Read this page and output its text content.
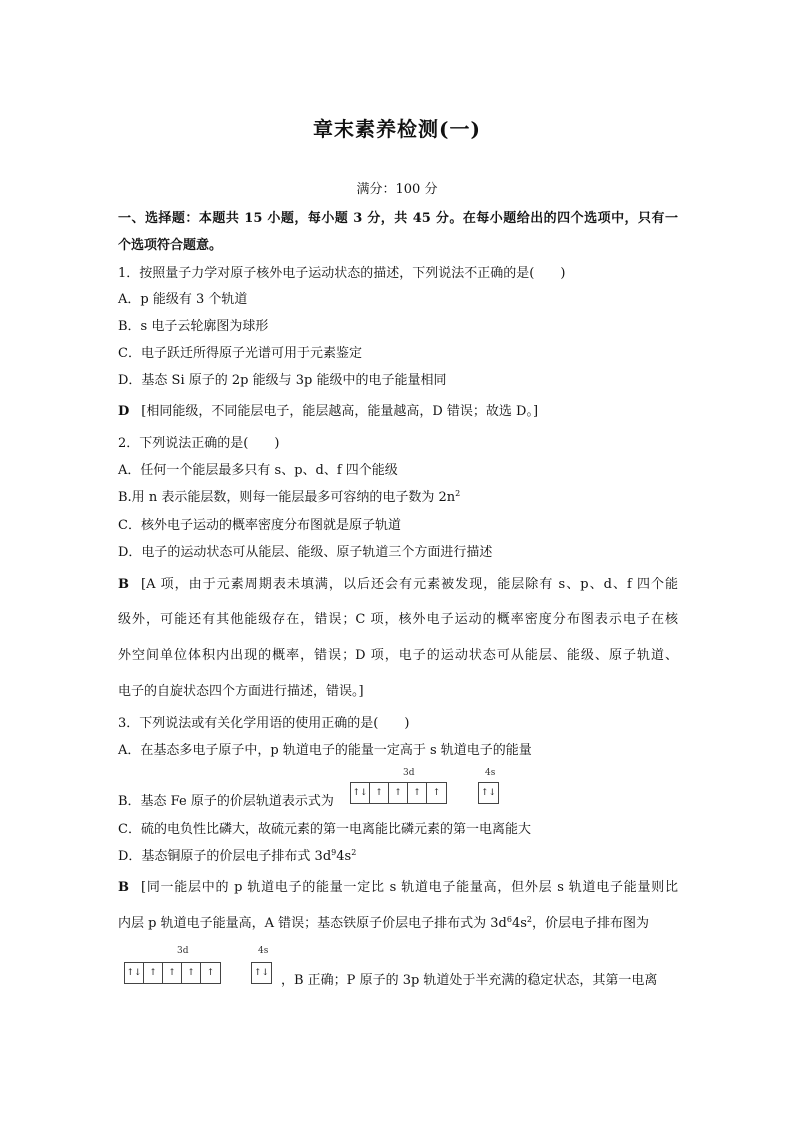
章末素养检测(一)
满分：100 分
一、选择题：本题共 15 小题，每小题 3 分，共 45 分。在每小题给出的四个选项中，只有一
个选项符合题意。
1．按照量子力学对原子核外电子运动状态的描述，下列说法不正确的是(　　)
A．p 能级有 3 个轨道
B．s 电子云轮廓图为球形
C．电子跃迁所得原子光谱可用于元素鉴定
D．基态 Si 原子的 2p 能级与 3p 能级中的电子能量相同
D [相同能级，不同能层电子，能层越高，能量越高，D 错误；故选 D。]
2．下列说法正确的是(　　)
A．任何一个能层最多只有 s、p、d、f 四个能级
B.用 n 表示能层数，则每一能层最多可容纳的电子数为 $2n^2$
C．核外电子运动的概率密度分布图就是原子轨道
D．电子的运动状态可从能层、能级、原子轨道三个方面进行描述
B [A 项，由于元素周期表未填满，以后还会有元素被发现，能层除有 s、p、d、f 四个能
级外，可能还有其他能级存在，错误；C 项，核外电子运动的概率密度分布图表示电子在核
外空间单位体积内出现的概率，错误；D 项，电子的运动状态可从能层、能级、原子轨道、
电子的自旋状态四个方面进行描述，错误。]
3．下列说法或有关化学用语的使用正确的是(　　)
A．在基态多电子原子中，p 轨道电子的能量一定高于 s 轨道电子的能量
B．基态 Fe 原子的价层轨道表示式为
3d	4s
↑↓ ↑	↑	↑	↑	↑↓
C．硫的电负性比磷大，故硫元素的第一电离能比磷元素的第一电离能大
D．基态铜原子的价层电子排布式 $3d^94s^2$
B [同一能层中的 p 轨道电子的能量一定比 s 轨道电子能量高，但外层 s 轨道电子能量则比
内层 p 轨道电子能量高，A 错误；基态铁原子价层电子排布式为 $3d^64s^2$，价层电子排布图为
3d	4s
↑↓ ↑	↑	↑	↑	↑↓
，B 正确；P 原子的 3p 轨道处于半充满的稳定状态，其第一电离
